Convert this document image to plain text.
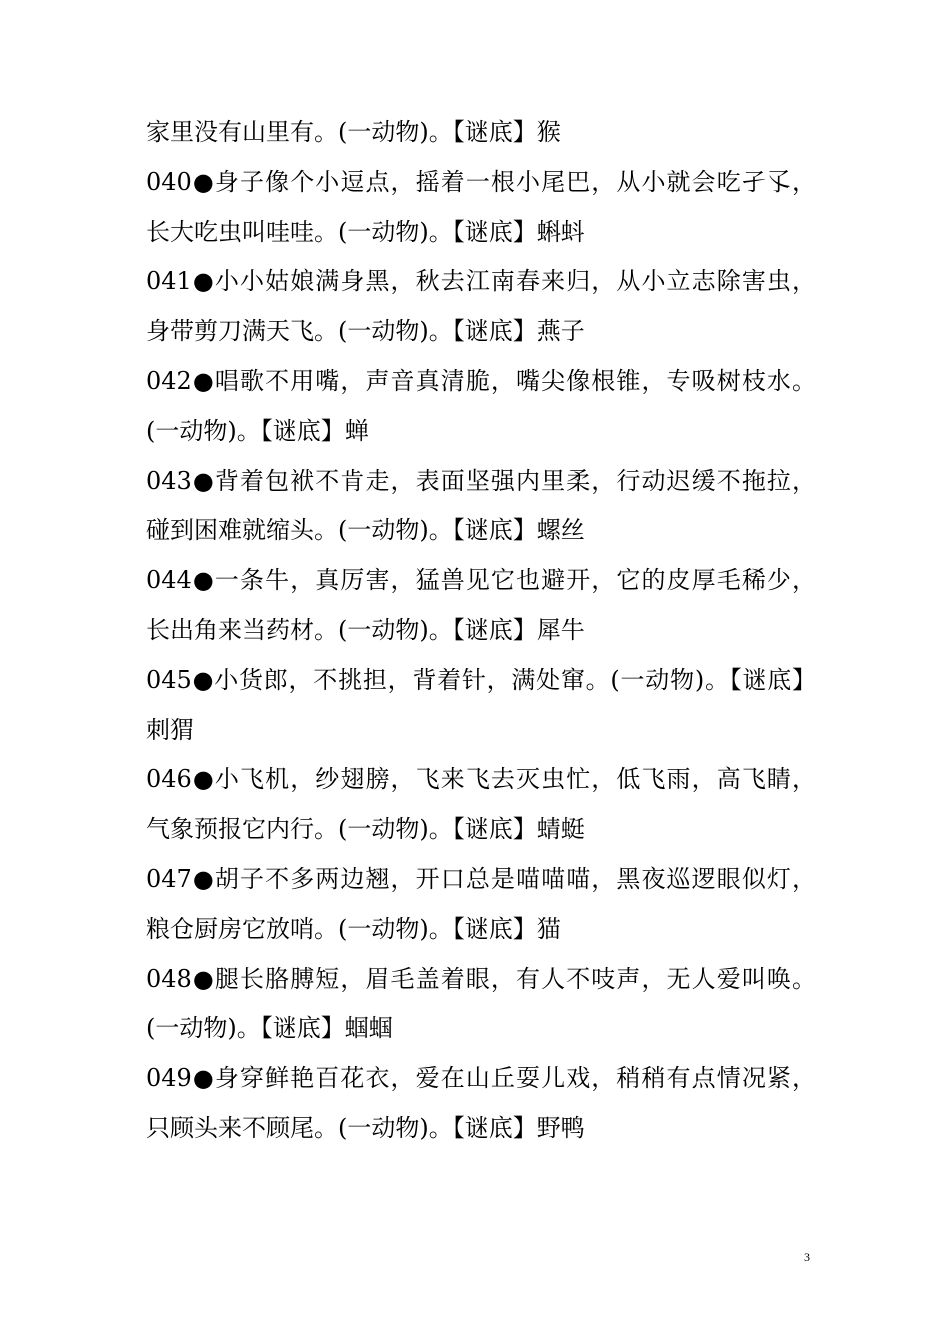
家里没有山里有。(一动物)。【谜底】猴
040●身子像个小逗点，摇着一根小尾巴，从小就会吃孑孓，
长大吃虫叫哇哇。(一动物)。【谜底】蝌蚪
041●小小姑娘满身黑，秋去江南春来归，从小立志除害虫，
身带剪刀满天飞。(一动物)。【谜底】燕子
042●唱歌不用嘴，声音真清脆，嘴尖像根锥，专吸树枝水。
(一动物)。【谜底】蝉
043●背着包袱不肯走，表面坚强内里柔，行动迟缓不拖拉，
碰到困难就缩头。(一动物)。【谜底】螺丝
044●一条牛，真厉害，猛兽见它也避开，它的皮厚毛稀少，
长出角来当药材。(一动物)。【谜底】犀牛
045●小货郎，不挑担，背着针，满处窜。(一动物)。【谜底】
刺猬
046●小飞机，纱翅膀，飞来飞去灭虫忙，低飞雨，高飞睛，
气象预报它内行。(一动物)。【谜底】蜻蜓
047●胡子不多两边翘，开口总是喵喵喵，黑夜巡逻眼似灯，
粮仓厨房它放哨。(一动物)。【谜底】猫
048●腿长胳膊短，眉毛盖着眼，有人不吱声，无人爱叫唤。
(一动物)。【谜底】蝈蝈
049●身穿鲜艳百花衣，爱在山丘耍儿戏，稍稍有点情况紧，
只顾头来不顾尾。(一动物)。【谜底】野鸭
3
